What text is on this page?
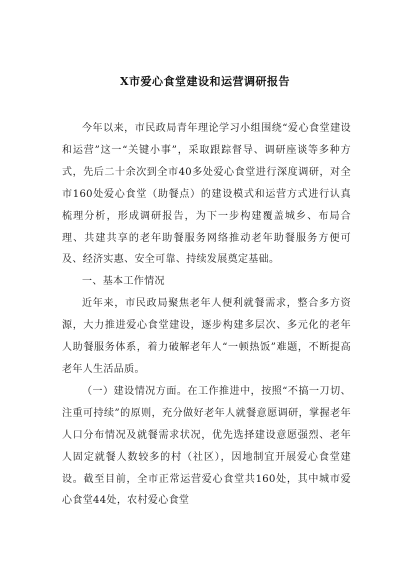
X市爱心食堂建设和运营调研报告

今年以来，市民政局青年理论学习小组围绕“爱心食堂建设和运营”这一“关键小事”，采取跟踪督导、调研座谈等多种方式，先后二十余次到全市40多处爱心食堂进行深度调研，对全市160处爱心食堂（助餐点）的建设模式和运营方式进行认真梳理分析，形成调研报告，为下一步构建覆盖城乡、布局合理、共建共享的老年助餐服务网络推动老年助餐服务方便可及、经济实惠、安全可靠、持续发展奠定基础。

一、基本工作情况

近年来，市民政局聚焦老年人便利就餐需求，整合多方资源，大力推进爱心食堂建设，逐步构建多层次、多元化的老年人助餐服务体系，着力破解老年人“一顿热饭”难题，不断提高老年人生活品质。

（一）建设情况方面。在工作推进中，按照“不搞一刀切、注重可持续”的原则，充分做好老年人就餐意愿调研，掌握老年人口分布情况及就餐需求状况，优先选择建设意愿强烈、老年人固定就餐人数较多的村（社区），因地制宜开展爱心食堂建设。截至目前，全市正常运营爱心食堂共160处，其中城市爱心食堂44处，农村爱心食堂
